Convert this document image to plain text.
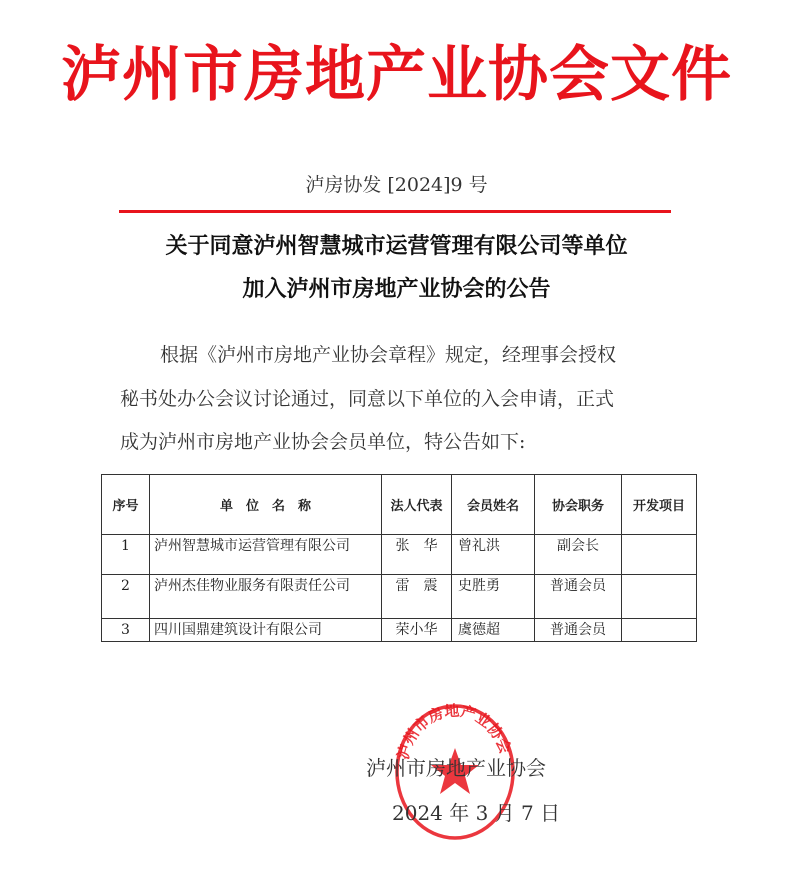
泸州市房地产业协会文件
泸房协发 [2024]9 号
关于同意泸州智慧城市运营管理有限公司等单位
加入泸州市房地产业协会的公告
根据《泸州市房地产业协会章程》规定，经理事会授权
秘书处办公会议讨论通过，同意以下单位的入会申请，正式
成为泸州市房地产业协会会员单位，特公告如下:
序号	单　位　名　称	法人代表	会员姓名	协会职务	开发项目
1	泸州智慧城市运营管理有限公司	张　华	曾礼洪	副会长	
2	泸州杰佳物业服务有限责任公司	雷　震	史胜勇	普通会员	
3	四川国鼎建筑设计有限公司	荣小华	虞德超	普通会员	
泸州市房地产业协会
泸州市房地产业协会
2024 年 3 月 7 日
